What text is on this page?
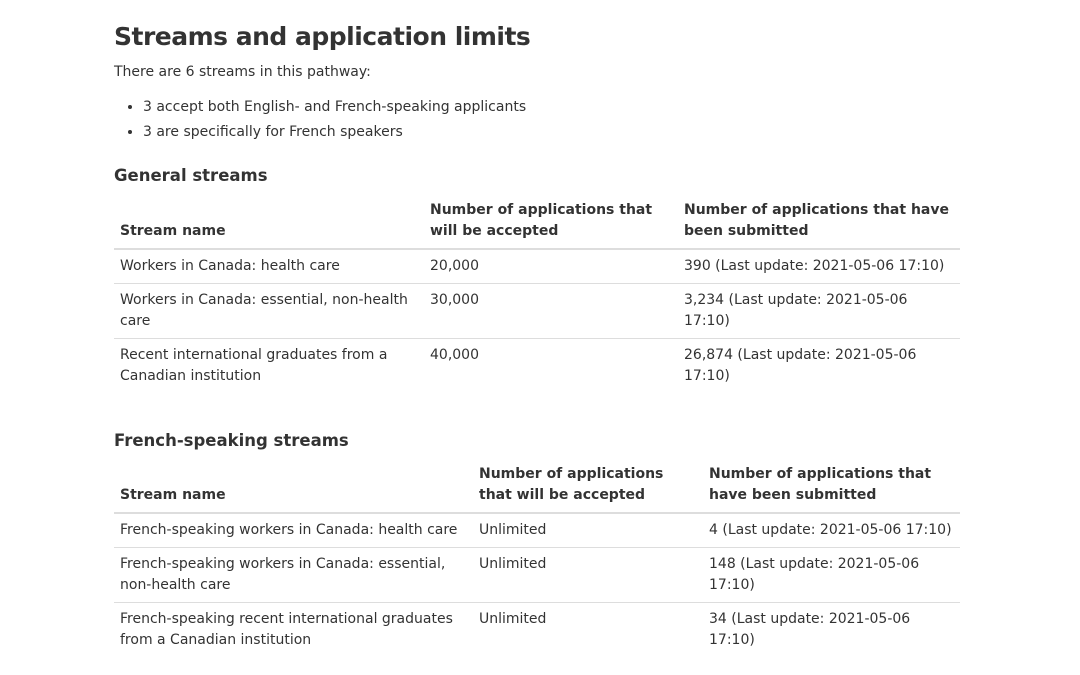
Streams and application limits

There are 6 streams in this pathway:

• 3 accept both English- and French-speaking applicants
• 3 are specifically for French speakers
General streams
Stream name	Number of applications that will be accepted	Number of applications that have been submitted
Workers in Canada: health care	20,000	390 (Last update: 2021-05-06 17:10)
Workers in Canada: essential, non-health care	30,000	3,234 (Last update: 2021-05-06 17:10)
Recent international graduates from a Canadian institution	40,000	26,874 (Last update: 2021-05-06 17:10)
French-speaking streams
Stream name	Number of applications that will be accepted	Number of applications that have been submitted
French-speaking workers in Canada: health care	Unlimited	4 (Last update: 2021-05-06 17:10)
French-speaking workers in Canada: essential, non-health care	Unlimited	148 (Last update: 2021-05-06 17:10)
French-speaking recent international graduates from a Canadian institution	Unlimited	34 (Last update: 2021-05-06 17:10)
